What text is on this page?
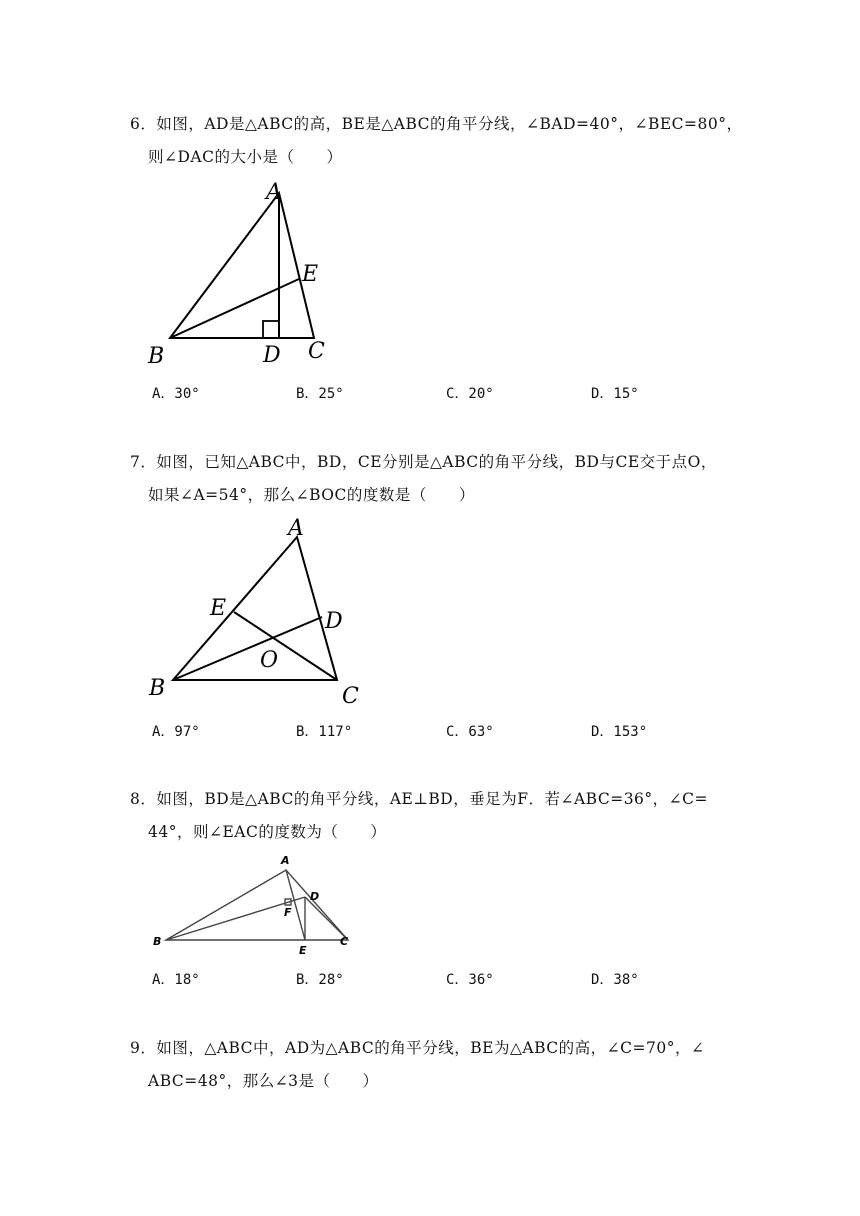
6．如图，AD是△ABC的高，BE是△ABC的角平分线，∠BAD=40°，∠BEC=80°，
则∠DAC的大小是（　　）
A
E
B	D C
A．30°	B．25°	C．20°	D．15°
7．如图，已知△ABC中，BD，CE分别是△ABC的角平分线，BD与CE交于点O，
如果∠A=54°，那么∠BOC的度数是（　　）
A
E
D
O
B	C
A．97°	B．117°	C．63°	D．153°
8．如图，BD是△ABC的角平分线，AE⊥BD，垂足为F．若∠ABC=36°，∠C=
44°，则∠EAC的度数为（　　）
A
D
F
B
E
C
A．18°	B．28°	C．36°	D．38°
9．如图，△ABC中，AD为△ABC的角平分线，BE为△ABC的高，∠C=70°，∠
ABC=48°，那么∠3是（　　）
